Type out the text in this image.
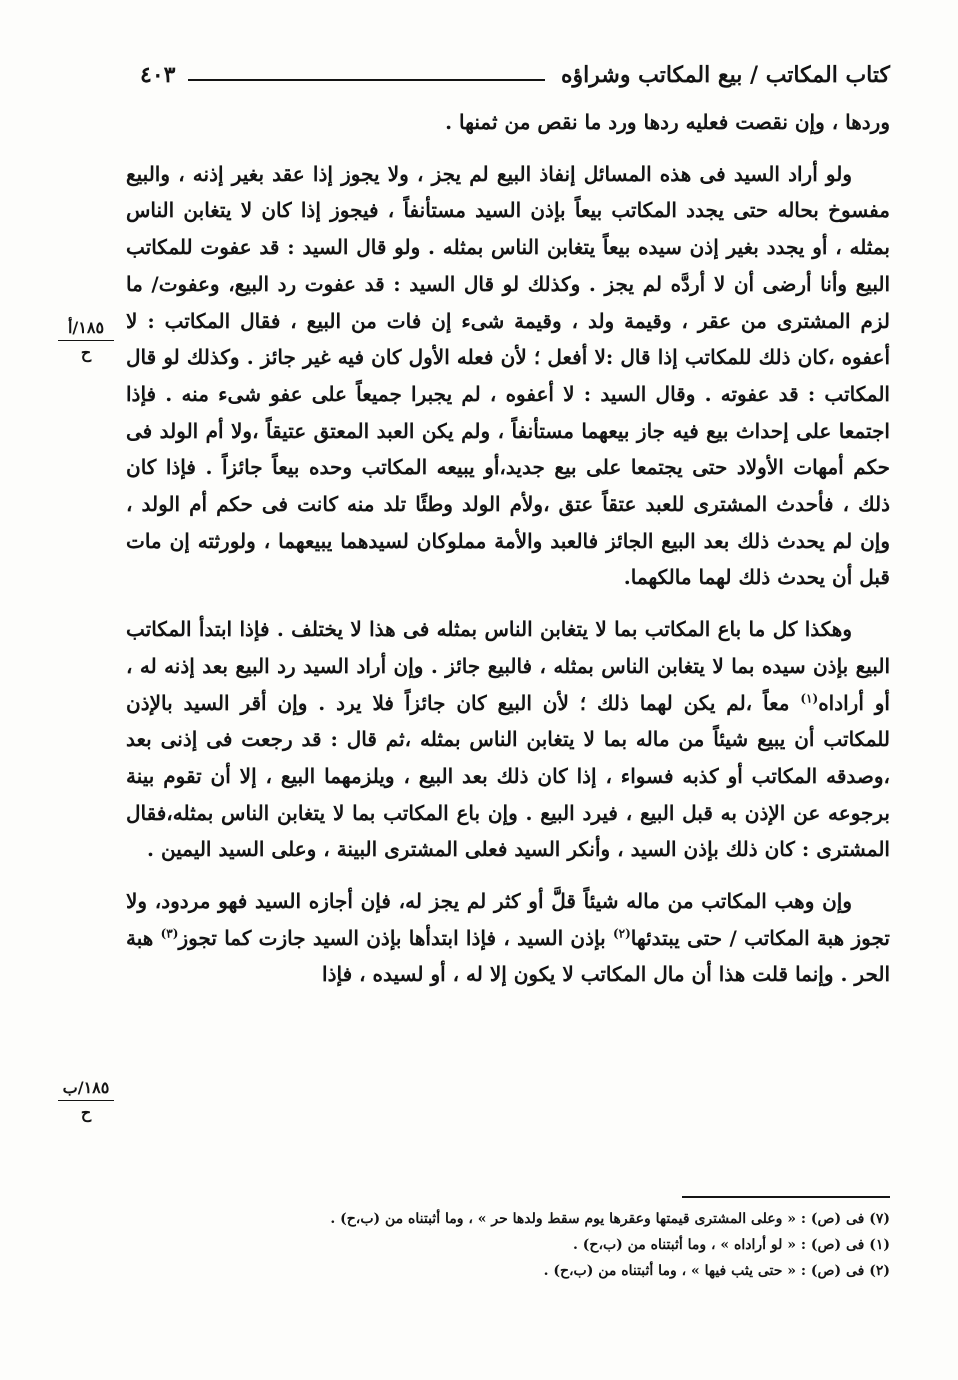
كتاب المكاتب / بيع المكاتب وشراؤه
٤٠٣

وردها ، وإن نقصت فعليه ردها ورد ما نقص من ثمنها .

ولو أراد السيد فى هذه المسائل إنفاذ البيع لم يجز ، ولا يجوز إذا عقد بغير إذنه ، والبيع مفسوخ بحاله حتى يجدد المكاتب بيعاً بإذن السيد مستأنفاً ، فيجوز إذا كان لا يتغابن الناس بمثله ، أو يجدد بغير إذن سيده بيعاً يتغابن الناس بمثله . ولو قال السيد : قد عفوت للمكاتب البيع وأنا أرضى أن لا أردَّه لم يجز . وكذلك لو قال السيد : قد عفوت رد البيع، وعفوت/ ما لزم المشترى من عقر ، وقيمة ولد ، وقيمة شىء إن فات من البيع ، فقال المكاتب : لا أعفوه ،كان ذلك للمكاتب إذا قال :لا أفعل ؛ لأن فعله الأول كان فيه غير جائز . وكذلك لو قال المكاتب : قد عفوته . وقال السيد : لا أعفوه ، لم يجبرا جميعاً على عفو شىء منه . فإذا اجتمعا على إحداث بيع فيه جاز بيعهما مستأنفاً ، ولم يكن العبد المعتق عتيقاً ،ولا أم الولد فى حكم أمهات الأولاد حتى يجتمعا على بيع جديد،أو يبيعه المكاتب وحده بيعاً جائزاً . فإذا كان ذلك ، فأحدث المشترى للعبد عتقاً عتق ،ولأم الولد وطئًا تلد منه كانت فى حكم أم الولد ، وإن لم يحدث ذلك بعد البيع الجائز فالعبد والأمة مملوكان لسيدهما يبيعهما ، ولورثته إن مات قبل أن يحدث ذلك لهما مالكهما.

وهكذا كل ما باع المكاتب بما لا يتغابن الناس بمثله فى هذا لا يختلف . فإذا ابتدأ المكاتب البيع بإذن سيده بما لا يتغابن الناس بمثله ، فالبيع جائز . وإن أراد السيد رد البيع بعد إذنه له ، أو أراداه$^{(١)}$ معاً ،لم يكن لهما ذلك ؛ لأن البيع كان جائزاً فلا يرد . وإن أقر السيد بالإذن للمكاتب أن يبيع شيئاً من ماله بما لا يتغابن الناس بمثله ،ثم قال : قد رجعت فى إذنى بعد ،وصدقه المكاتب أو كذبه فسواء ، إذا كان ذلك بعد البيع ، ويلزمهما البيع ، إلا أن تقوم بينة برجوعه عن الإذن به قبل البيع ، فيرد البيع . وإن باع المكاتب بما لا يتغابن الناس بمثله،فقال المشترى : كان ذلك بإذن السيد ، وأنكر السيد فعلى المشترى البينة ، وعلى السيد اليمين .

وإن وهب المكاتب من ماله شيئاً قلَّ أو كثر لم يجز له، فإن أجازه السيد فهو مردود، ولا تجوز هبة المكاتب / حتى يبتدئها$^{(٢)}$ بإذن السيد ، فإذا ابتدأها بإذن السيد جازت كما تجوز$^{(٣)}$ هبة الحر . وإنما قلت هذا أن مال المكاتب لا يكون إلا له ، أو لسيده ، فإذا

١٨٥/أ
ح
١٨٥/ب
ح
(٧) فى (ص) : « وعلى المشترى قيمتها وعقرها يوم سقط ولدها حر » ، وما أثبتناه من (ب،ح) .
(١) فى (ص) : « لو أراداه » ، وما أثبتناه من (ب،ح) .
(٢) فى (ص) : « حتى يثب فيها » ، وما أثبتناه من (ب،ح) .
